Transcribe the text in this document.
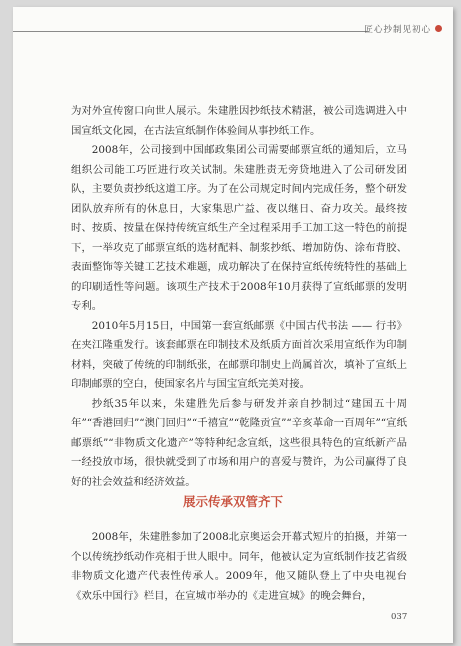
匠心抄制见初心

为对外宣传窗口向世人展示。朱建胜因抄纸技术精湛，被公司选调进入中国宣纸文化园，在古法宣纸制作体验间从事抄纸工作。

2008年，公司接到中国邮政集团公司需要邮票宣纸的通知后，立马组织公司能工巧匠进行攻关试制。朱建胜责无旁贷地进入了公司研发团队，主要负责抄纸这道工序。为了在公司规定时间内完成任务，整个研发团队放弃所有的休息日，大家集思广益、夜以继日、奋力攻关。最终按时、按质、按量在保持传统宣纸生产全过程采用手工加工这一特色的前提下，一举攻克了邮票宣纸的选材配料、制浆抄纸、增加防伪、涂布背胶、表面整饰等关键工艺技术难题，成功解决了在保持宣纸传统特性的基础上的印刷适性等问题。该项生产技术于2008年10月获得了宣纸邮票的发明专利。

2010年5月15日，中国第一套宣纸邮票《中国古代书法 —— 行书》在夹江隆重发行。该套邮票在印制技术及纸质方面首次采用宣纸作为印制材料，突破了传统的印制纸张，在邮票印制史上尚属首次，填补了宣纸上印制邮票的空白，使国家名片与国宝宣纸完美对接。

抄纸35年以来，朱建胜先后参与研发并亲自抄制过“建国五十周年”“香港回归”“澳门回归”“千禧宣”“乾隆贡宣”“辛亥革命一百周年”“宣纸邮票纸”“非物质文化遗产”等特种纪念宣纸，这些很具特色的宣纸新产品一经投放市场，很快就受到了市场和用户的喜爱与赞许，为公司赢得了良好的社会效益和经济效益。

展示传承双管齐下

2008年，朱建胜参加了2008北京奥运会开幕式短片的拍摄，并第一个以传统抄纸动作亮相于世人眼中。同年，他被认定为宣纸制作技艺省级非物质文化遗产代表性传承人。2009年，他又随队登上了中央电视台《欢乐中国行》栏目，在宣城市举办的《走进宣城》的晚会舞台，

037
